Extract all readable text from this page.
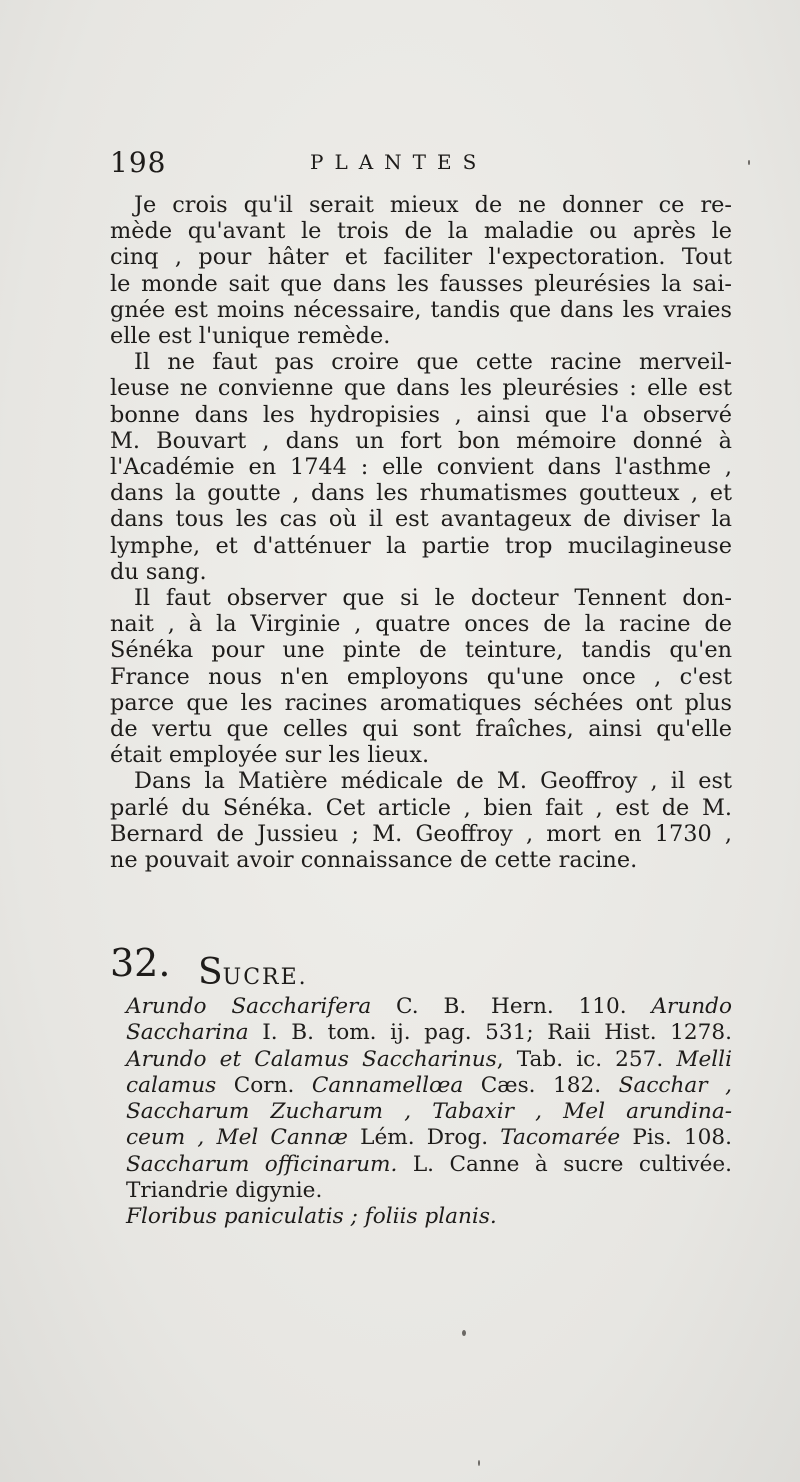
198	PLANTES
Je crois qu'il serait mieux de ne donner ce re-
mède qu'avant le trois de la maladie ou après le
cinq , pour hâter et faciliter l'expectoration. Tout
le monde sait que dans les fausses pleurésies la sai-
gnée est moins nécessaire, tandis que dans les vraies
elle est l'unique remède.
Il ne faut pas croire que cette racine merveil-
leuse ne convienne que dans les pleurésies : elle est
bonne dans les hydropisies , ainsi que l'a observé
M. Bouvart , dans un fort bon mémoire donné à
l'Académie en 1744 : elle convient dans l'asthme ,
dans la goutte , dans les rhumatismes goutteux , et
dans tous les cas où il est avantageux de diviser la
lymphe, et d'atténuer la partie trop mucilagineuse
du sang.
Il faut observer que si le docteur Tennent don-
nait , à la Virginie , quatre onces de la racine de
Sénéka pour une pinte de teinture, tandis qu'en
France nous n'en employons qu'une once , c'est
parce que les racines aromatiques séchées ont plus
de vertu que celles qui sont fraîches, ainsi qu'elle
était employée sur les lieux.
Dans la Matière médicale de M. Geoffroy , il est
parlé du Sénéka. Cet article , bien fait , est de M.
Bernard de Jussieu ; M. Geoffroy , mort en 1730 ,
ne pouvait avoir connaissance de cette racine.
32. SUCRE.
Arundo Saccharifera C. B. Hern. 110. Arundo
Saccharina I. B. tom. ij. pag. 531; Raii Hist. 1278.
Arundo et Calamus Saccharinus, Tab. ic. 257. Melli
calamus Corn. Cannamellœa Cæs. 182. Sacchar ,
Saccharum Zucharum , Tabaxir , Mel arundina-
ceum , Mel Cannæ Lém. Drog. Tacomarée Pis. 108.
Saccharum officinarum. L. Canne à sucre cultivée.
Triandrie digynie.
Floribus paniculatis ; foliis planis.
